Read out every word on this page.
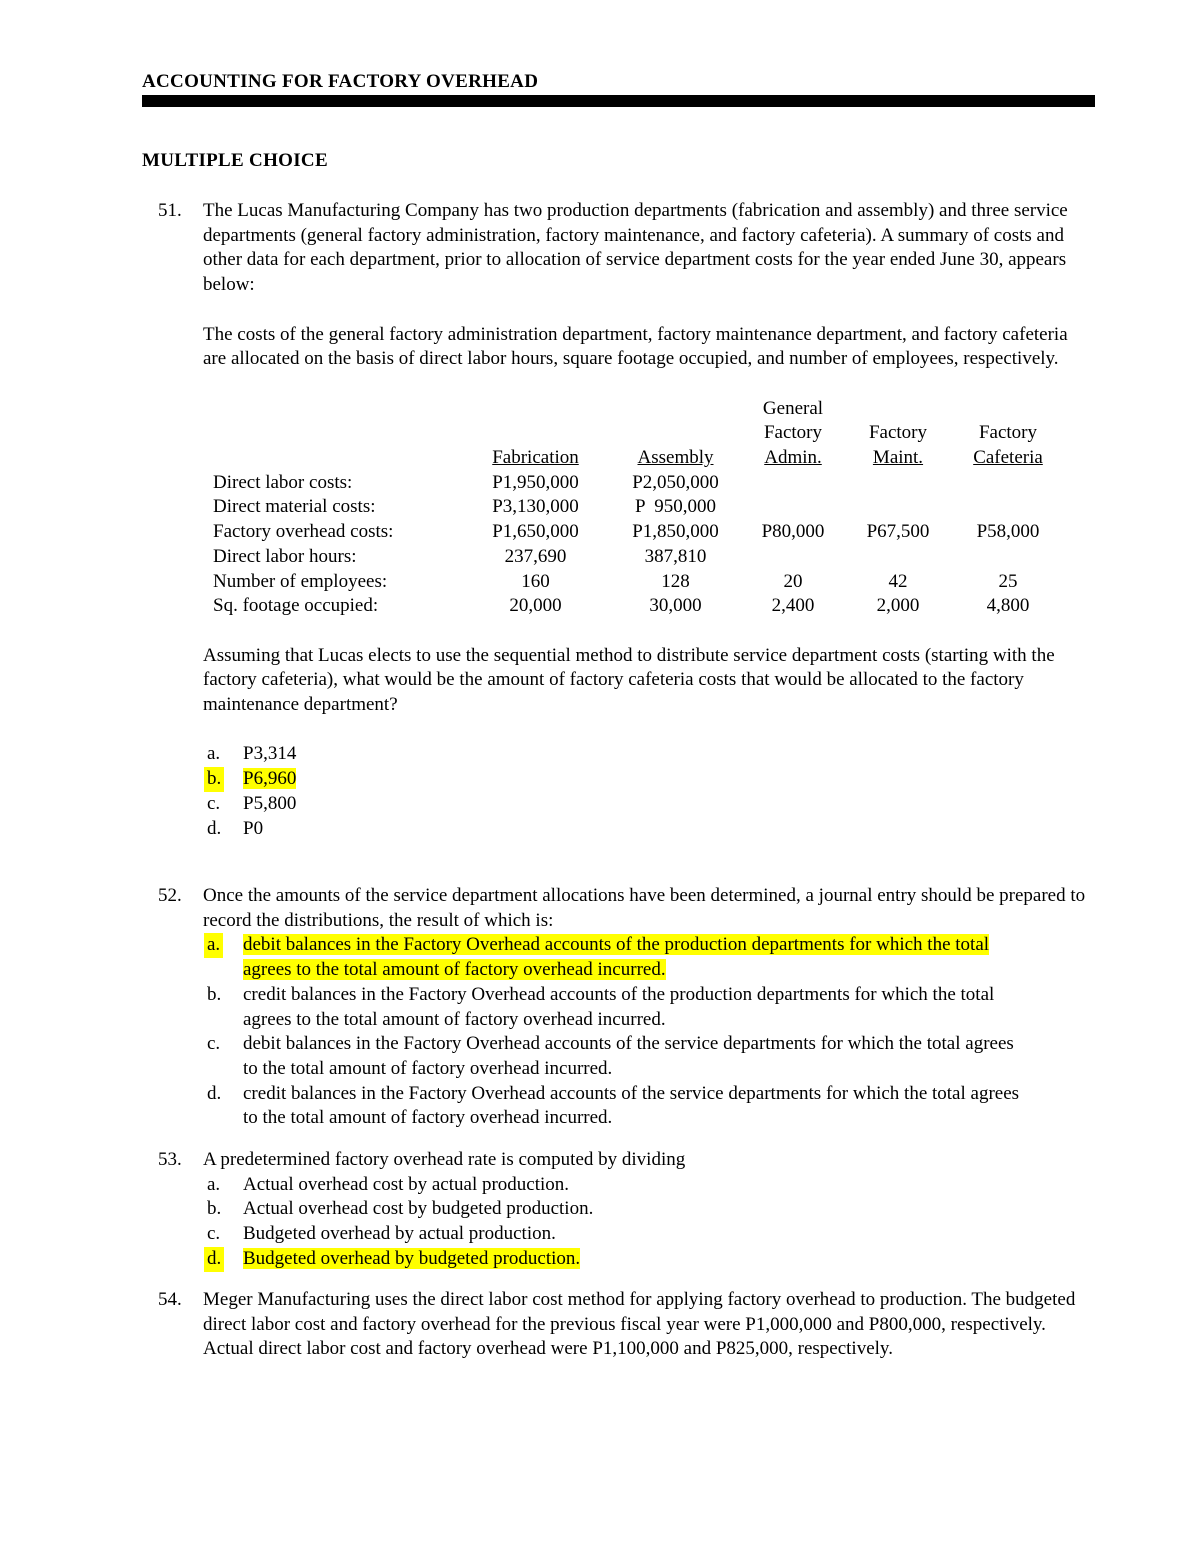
ACCOUNTING FOR FACTORY OVERHEAD
MULTIPLE CHOICE
51. The Lucas Manufacturing Company has two production departments (fabrication and assembly) and three service departments (general factory administration, factory maintenance, and factory cafeteria). A summary of costs and other data for each department, prior to allocation of service department costs for the year ended June 30, appears below:

The costs of the general factory administration department, factory maintenance department, and factory cafeteria are allocated on the basis of direct labor hours, square footage occupied, and number of employees, respectively.

			General		
			Factory	Factory	Factory
	Fabrication	Assembly	Admin.	Maint.	Cafeteria
Direct labor costs:	P1,950,000	P2,050,000			
Direct material costs:	P3,130,000	P  950,000			
Factory overhead costs:	P1,650,000	P1,850,000	P80,000	P67,500	P58,000
Direct labor hours:	237,690	387,810			
Number of employees:	160	128	20	42	25
Sq. footage occupied:	20,000	30,000	2,400	2,000	4,800

Assuming that Lucas elects to use the sequential method to distribute service department costs (starting with the factory cafeteria), what would be the amount of factory cafeteria costs that would be allocated to the factory maintenance department?

a. P3,314
b. P6,960
c. P5,800
d. P0
52. Once the amounts of the service department allocations have been determined, a journal entry should be prepared to record the distributions, the result of which is:

a. debit balances in the Factory Overhead accounts of the production departments for which the total agrees to the total amount of factory overhead incurred.
b. credit balances in the Factory Overhead accounts of the production departments for which the total agrees to the total amount of factory overhead incurred.
c. debit balances in the Factory Overhead accounts of the service departments for which the total agrees to the total amount of factory overhead incurred.
d. credit balances in the Factory Overhead accounts of the service departments for which the total agrees to the total amount of factory overhead incurred.
53. A predetermined factory overhead rate is computed by dividing

a. Actual overhead cost by actual production.
b. Actual overhead cost by budgeted production.
c. Budgeted overhead by actual production.
d. Budgeted overhead by budgeted production.
54. Meger Manufacturing uses the direct labor cost method for applying factory overhead to production. The budgeted direct labor cost and factory overhead for the previous fiscal year were P1,000,000 and P800,000, respectively. Actual direct labor cost and factory overhead were P1,100,000 and P825,000, respectively.
